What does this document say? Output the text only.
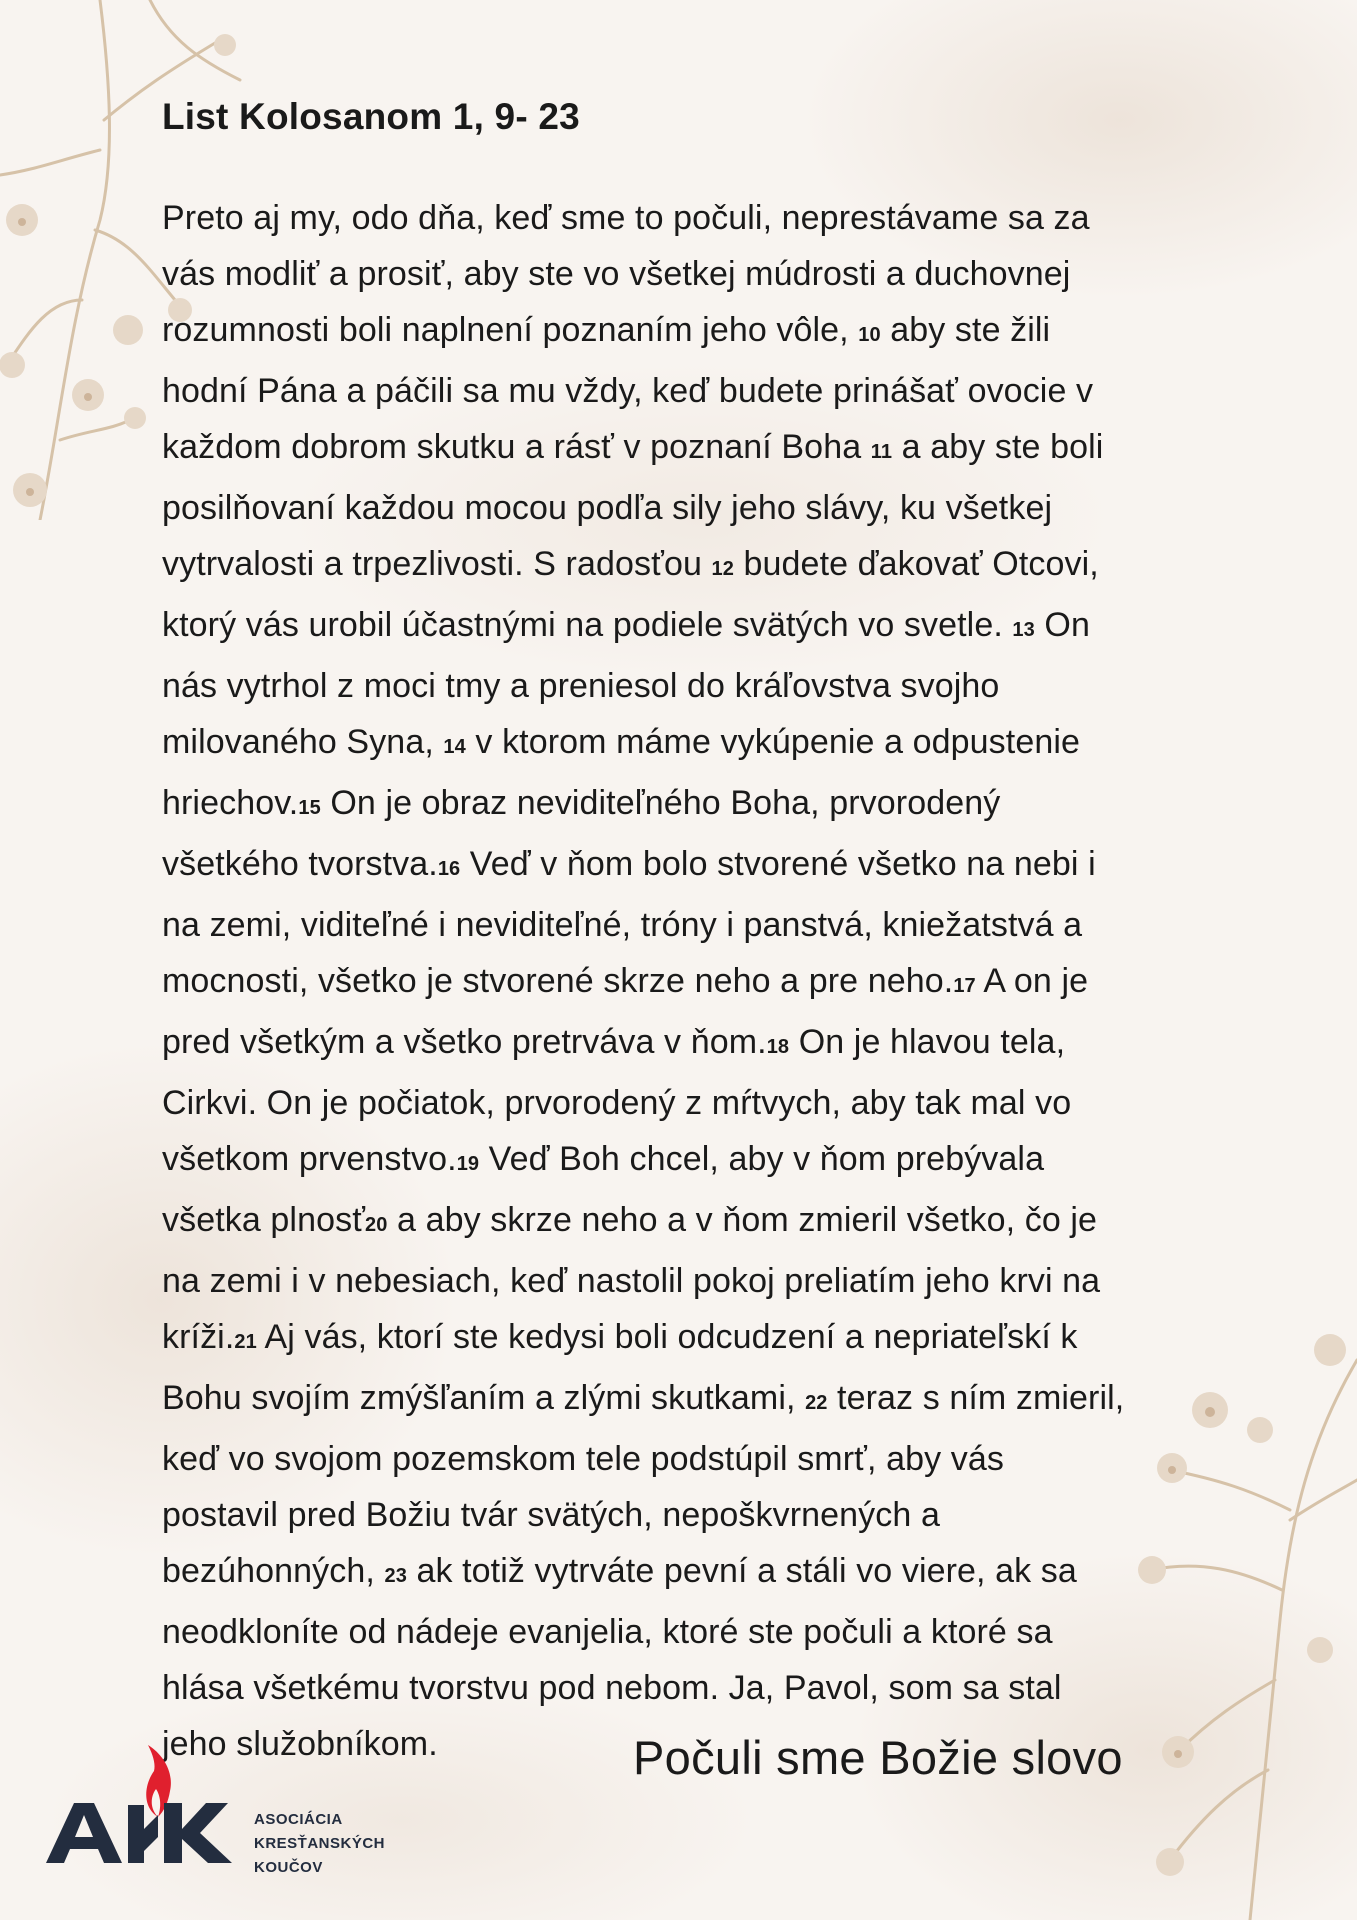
List Kolosanom 1, 9- 23
Preto aj my, odo dňa, keď sme to počuli, neprestávame sa za
vás modliť a prosiť, aby ste vo všetkej múdrosti a duchovnej
rozumnosti boli naplnení poznaním jeho vôle, 10 aby ste žili
hodní Pána a páčili sa mu vždy, keď budete prinášať ovocie v
každom dobrom skutku a rásť v poznaní Boha 11 a aby ste boli
posilňovaní každou mocou podľa sily jeho slávy, ku všetkej
vytrvalosti a trpezlivosti. S radosťou 12 budete ďakovať Otcovi,
ktorý vás urobil účastnými na podiele svätých vo svetle. 13 On
nás vytrhol z moci tmy a preniesol do kráľovstva svojho
milovaného Syna, 14 v ktorom máme vykúpenie a odpustenie
hriechov.15 On je obraz neviditeľného Boha, prvorodený
všetkého tvorstva.16 Veď v ňom bolo stvorené všetko na nebi i
na zemi, viditeľné i neviditeľné, tróny i panstvá, kniežatstvá a
mocnosti, všetko je stvorené skrze neho a pre neho.17 A on je
pred všetkým a všetko pretrváva v ňom.18 On je hlavou tela,
Cirkvi. On je počiatok, prvorodený z mŕtvych, aby tak mal vo
všetkom prvenstvo.19 Veď Boh chcel, aby v ňom prebývala
všetka plnosť20 a aby skrze neho a v ňom zmieril všetko, čo je
na zemi i v nebesiach, keď nastolil pokoj preliatím jeho krvi na
kríži.21 Aj vás, ktorí ste kedysi boli odcudzení a nepriateľskí k
Bohu svojím zmýšľaním a zlými skutkami, 22 teraz s ním zmieril,
keď vo svojom pozemskom tele podstúpil smrť, aby vás
postavil pred Božiu tvár svätých, nepoškvrnených a
bezúhonných, 23 ak totiž vytrváte pevní a stáli vo viere, ak sa
neodkloníte od nádeje evanjelia, ktoré ste počuli a ktoré sa
hlása všetkému tvorstvu pod nebom. Ja, Pavol, som sa stal
jeho služobníkom.	Počuli sme Božie slovo
ASOCIÁCIA
KRESŤANSKÝCH
KOUČOV
